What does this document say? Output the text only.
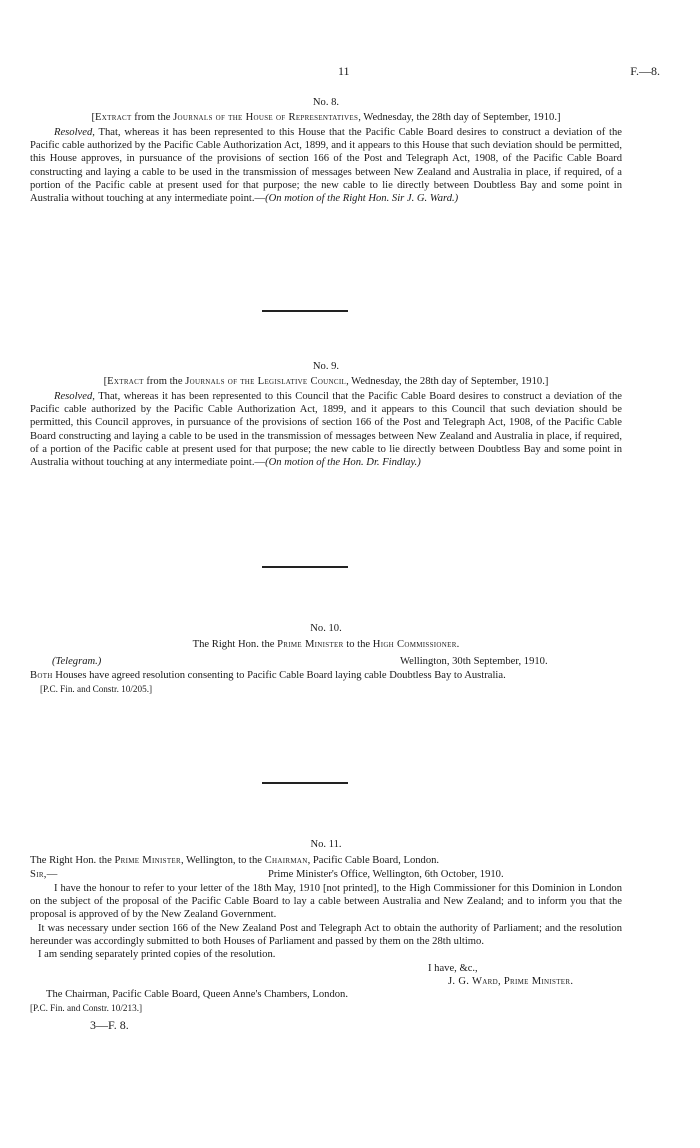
11	F.—8.
No. 8.
[Extract from the Journals of the House of Representatives, Wednesday, the 28th day of September, 1910.]

Resolved, That, whereas it has been represented to this House that the Pacific Cable Board desires to construct a deviation of the Pacific cable authorized by the Pacific Cable Authorization Act, 1899, and it appears to this House that such deviation should be permitted, this House approves, in pursuance of the provisions of section 166 of the Post and Telegraph Act, 1908, of the Pacific Cable Board constructing and laying a cable to be used in the transmission of messages between New Zealand and Australia in place, if required, of a portion of the Pacific cable at present used for that purpose; the new cable to lie directly between Doubtless Bay and some point in Australia without touching at any intermediate point.—(On motion of the Right Hon. Sir J. G. Ward.)

No. 9.
[Extract from the Journals of the Legislative Council, Wednesday, the 28th day of September, 1910.]

Resolved, That, whereas it has been represented to this Council that the Pacific Cable Board desires to construct a deviation of the Pacific cable authorized by the Pacific Cable Authorization Act, 1899, and it appears to this Council that such deviation should be permitted, this Council approves, in pursuance of the provisions of section 166 of the Post and Telegraph Act, 1908, of the Pacific Cable Board constructing and laying a cable to be used in the transmission of messages between New Zealand and Australia in place, if required, of a portion of the Pacific cable at present used for that purpose; the new cable to lie directly between Doubtless Bay and some point in Australia without touching at any intermediate point.—(On motion of the Hon. Dr. Findlay.)

No. 10.
The Right Hon. the Prime Minister to the High Commissioner.
(Telegram.)	Wellington, 30th September, 1910.

Both Houses have agreed resolution consenting to Pacific Cable Board laying cable Doubtless Bay to Australia.

[P.C. Fin. and Constr. 10/205.]
No. 11.
The Right Hon. the Prime Minister, Wellington, to the Chairman, Pacific Cable Board, London.
Sir,—	Prime Minister's Office, Wellington, 6th October, 1910.

I have the honour to refer to your letter of the 18th May, 1910 [not printed], to the High Commissioner for this Dominion in London on the subject of the proposal of the Pacific Cable Board to lay a cable between Australia and New Zealand; and to inform you that the proposal is approved of by the New Zealand Government.

It was necessary under section 166 of the New Zealand Post and Telegraph Act to obtain the authority of Parliament; and the resolution hereunder was accordingly submitted to both Houses of Parliament and passed by them on the 28th ultimo.

I am sending separately printed copies of the resolution.

I have, &c.,
J. G. Ward, Prime Minister.
The Chairman, Pacific Cable Board, Queen Anne's Chambers, London.
[P.C. Fin. and Constr. 10/213.]
3—F. 8.
